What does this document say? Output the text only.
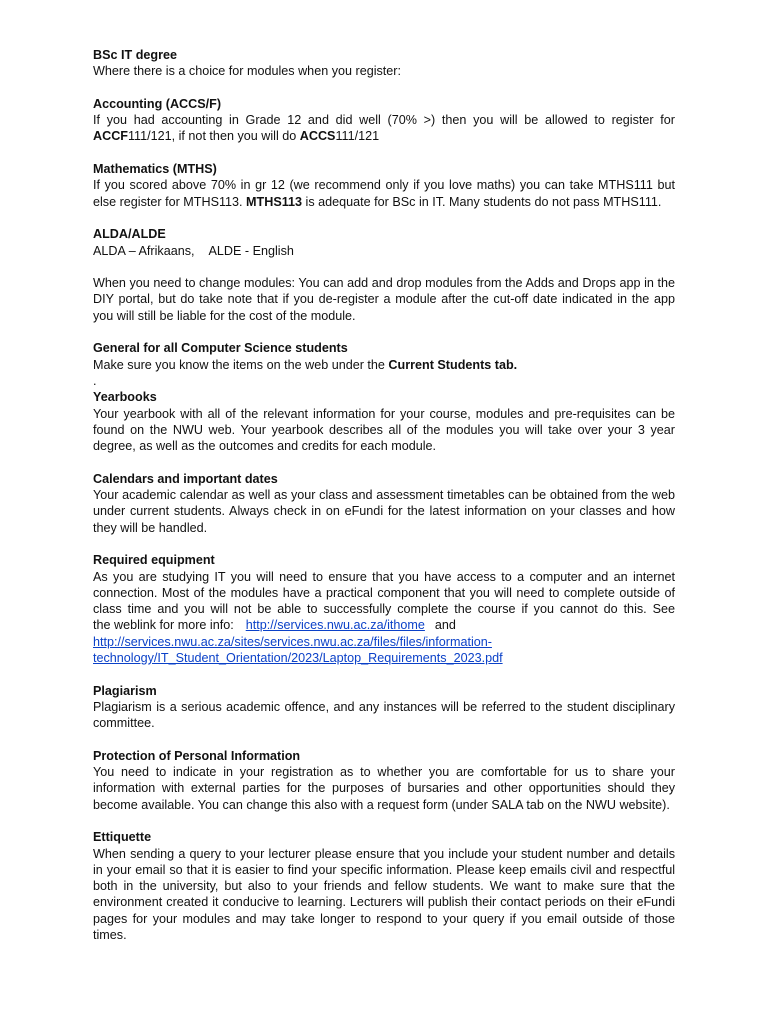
BSc IT degree

Where there is a choice for modules when you register:

Accounting (ACCS/F)

If you had accounting in Grade 12 and did well (70% >) then you will be allowed to register for

ACCF111/121, if not then you will do ACCS111/121

Mathematics (MTHS)

If you scored above 70% in gr 12 (we recommend only if you love maths) you can take MTHS111 but

else register for MTHS113. MTHS113 is adequate for BSc in IT. Many students do not pass MTHS111.

ALDA/ALDE

ALDA – Afrikaans, ALDE - English

When you need to change modules: You can add and drop modules from the Adds and Drops app in the DIY portal, but do take note that if you de-register a module after the cut-off date indicated in the app you will still be liable for the cost of the module.

General for all Computer Science students

Make sure you know the items on the web under the Current Students tab.

.

Yearbooks

Your yearbook with all of the relevant information for your course, modules and pre-requisites can be found on the NWU web. Your yearbook describes all of the modules you will take over your 3 year degree, as well as the outcomes and credits for each module.

Calendars and important dates

Your academic calendar as well as your class and assessment timetables can be obtained from the web under current students. Always check in on eFundi for the latest information on your classes and how they will be handled.

Required equipment

As you are studying IT you will need to ensure that you have access to a computer and an internet connection. Most of the modules have a practical component that you will need to complete outside of class time and you will not be able to successfully complete the course if you cannot do this. See

the weblink for more info: http://services.nwu.ac.za/ithome and

http://services.nwu.ac.za/sites/services.nwu.ac.za/files/files/information-
technology/IT_Student_Orientation/2023/Laptop_Requirements_2023.pdf

Plagiarism

Plagiarism is a serious academic offence, and any instances will be referred to the student disciplinary committee.

Protection of Personal Information

You need to indicate in your registration as to whether you are comfortable for us to share your information with external parties for the purposes of bursaries and other opportunities should they become available. You can change this also with a request form (under SALA tab on the NWU website).

Ettiquette

When sending a query to your lecturer please ensure that you include your student number and details in your email so that it is easier to find your specific information. Please keep emails civil and respectful both in the university, but also to your friends and fellow students. We want to make sure that the environment created it conducive to learning. Lecturers will publish their contact periods on their eFundi pages for your modules and may take longer to respond to your query if you email outside of those times.
